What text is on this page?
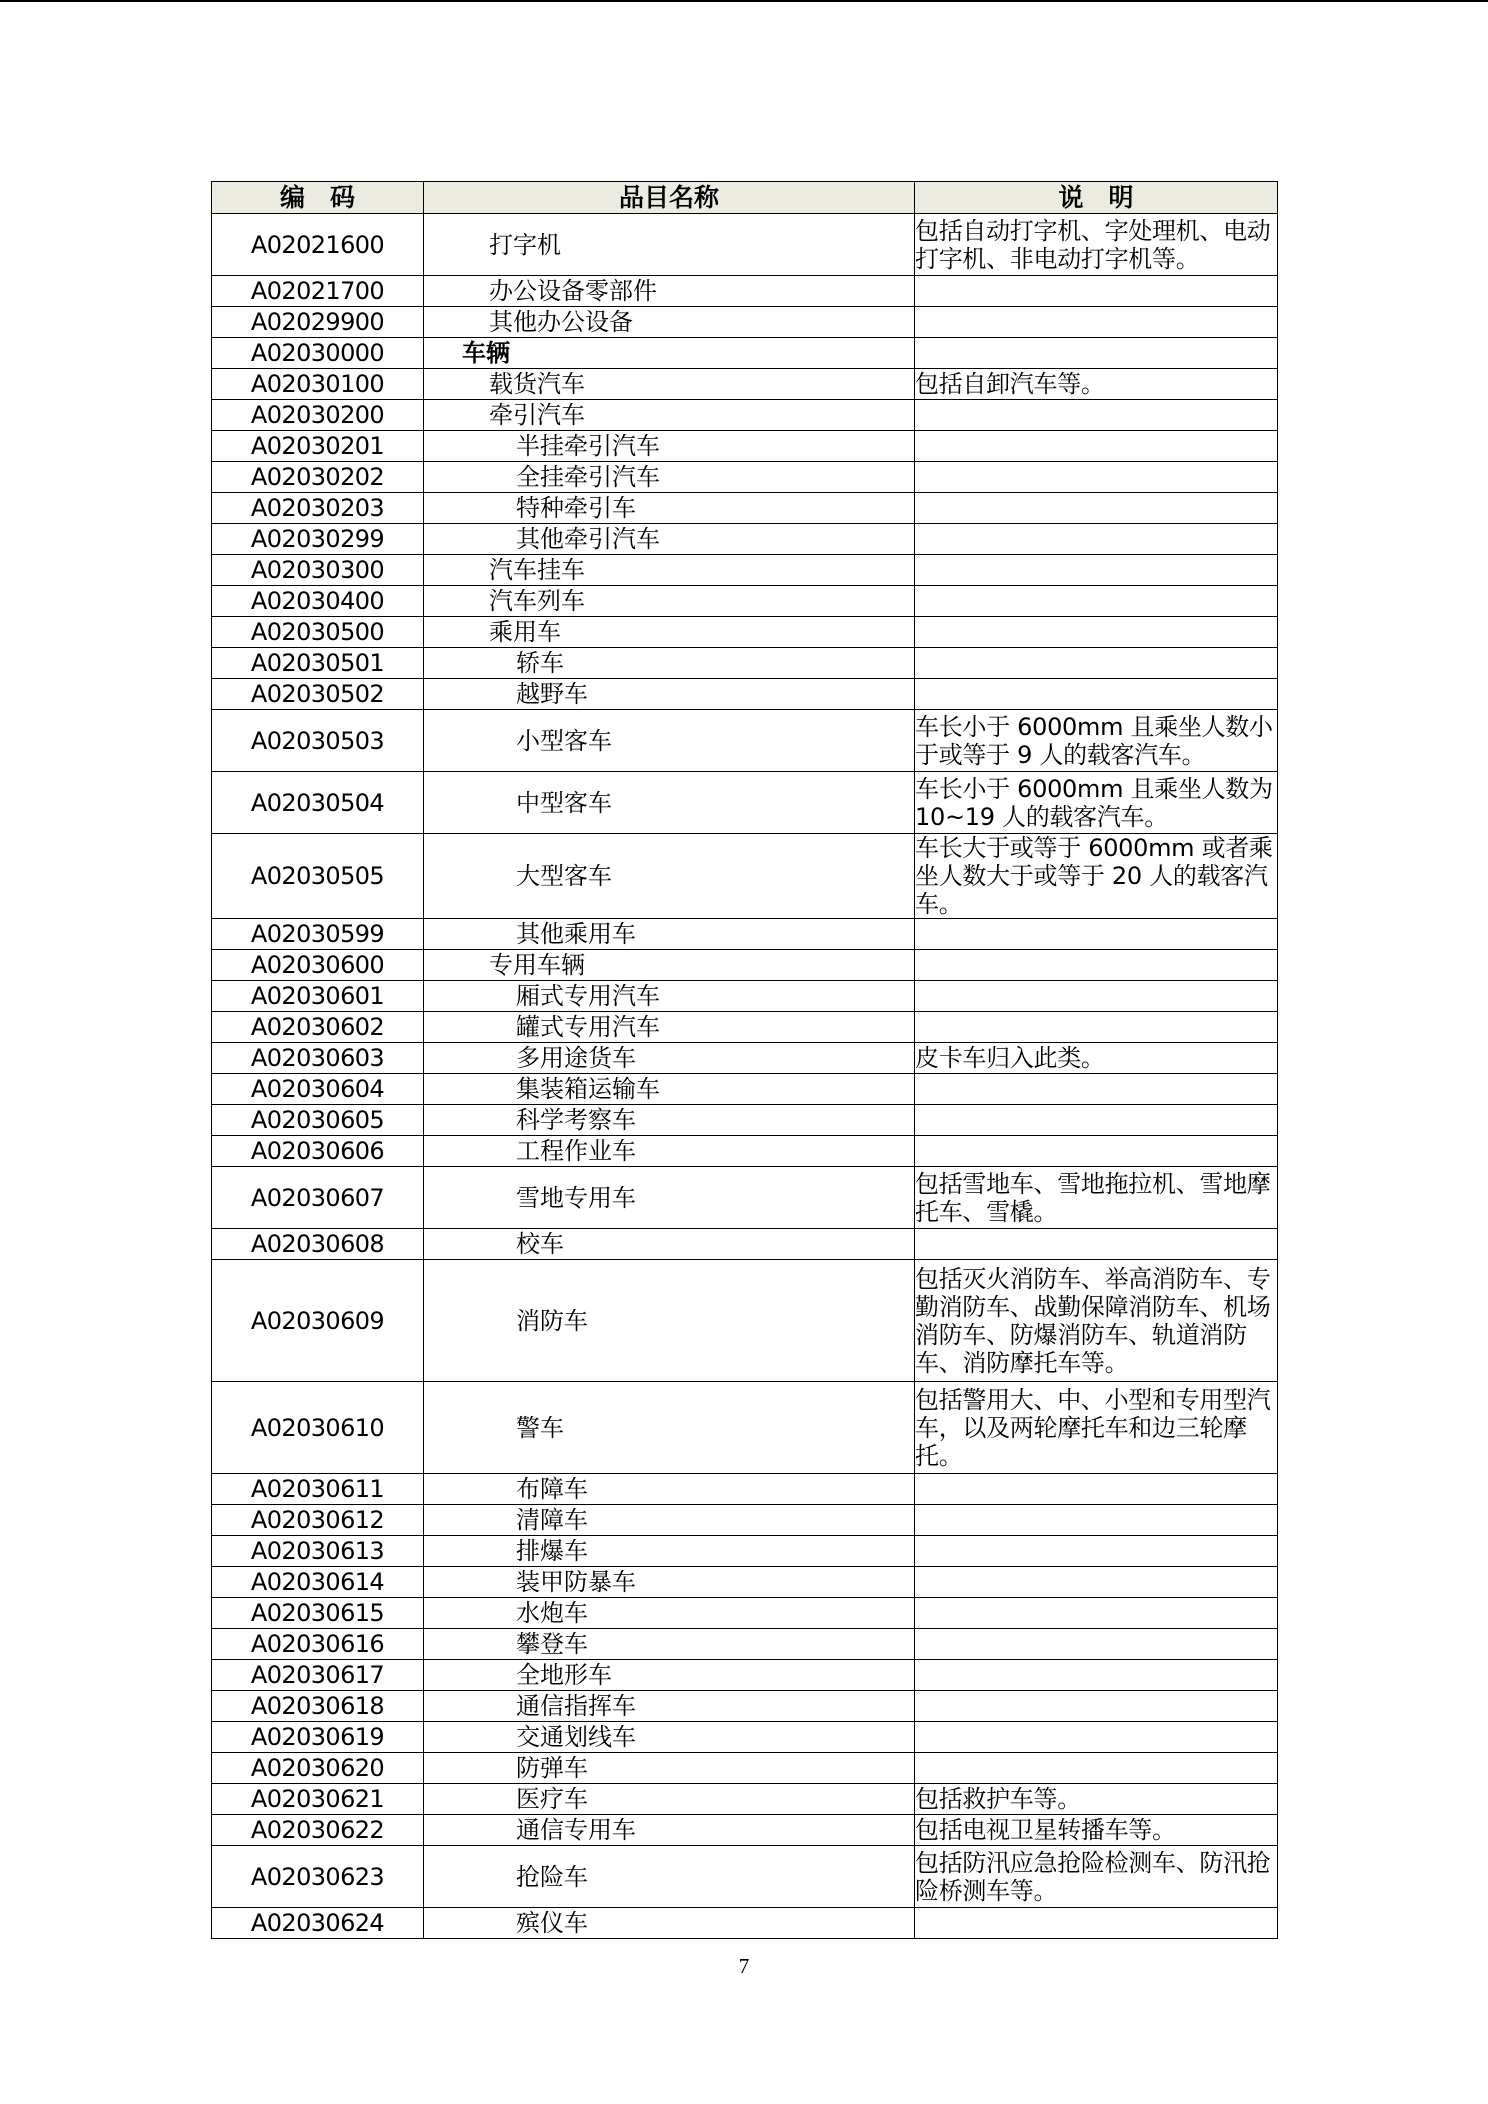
编　码	品目名称	说　明
A02021600	打字机	包括自动打字机、字处理机、电动打字机、非电动打字机等。
A02021700	办公设备零部件	
A02029900	其他办公设备	
A02030000	车辆	
A02030100	载货汽车	包括自卸汽车等。
A02030200	牵引汽车	
A02030201	半挂牵引汽车	
A02030202	全挂牵引汽车	
A02030203	特种牵引车	
A02030299	其他牵引汽车	
A02030300	汽车挂车	
A02030400	汽车列车	
A02030500	乘用车	
A02030501	轿车	
A02030502	越野车	
A02030503	小型客车	车长小于 6000mm 且乘坐人数小于或等于 9 人的载客汽车。
A02030504	中型客车	车长小于 6000mm 且乘坐人数为 10~19 人的载客汽车。
A02030505	大型客车	车长大于或等于 6000mm 或者乘坐人数大于或等于 20 人的载客汽车。
A02030599	其他乘用车	
A02030600	专用车辆	
A02030601	厢式专用汽车	
A02030602	罐式专用汽车	
A02030603	多用途货车	皮卡车归入此类。
A02030604	集装箱运输车	
A02030605	科学考察车	
A02030606	工程作业车	
A02030607	雪地专用车	包括雪地车、雪地拖拉机、雪地摩托车、雪橇。
A02030608	校车	
A02030609	消防车	包括灭火消防车、举高消防车、专勤消防车、战勤保障消防车、机场消防车、防爆消防车、轨道消防车、消防摩托车等。
A02030610	警车	包括警用大、中、小型和专用型汽车，以及两轮摩托车和边三轮摩托。
A02030611	布障车	
A02030612	清障车	
A02030613	排爆车	
A02030614	装甲防暴车	
A02030615	水炮车	
A02030616	攀登车	
A02030617	全地形车	
A02030618	通信指挥车	
A02030619	交通划线车	
A02030620	防弹车	
A02030621	医疗车	包括救护车等。
A02030622	通信专用车	包括电视卫星转播车等。
A02030623	抢险车	包括防汛应急抢险检测车、防汛抢险桥测车等。
A02030624	殡仪车	
7
